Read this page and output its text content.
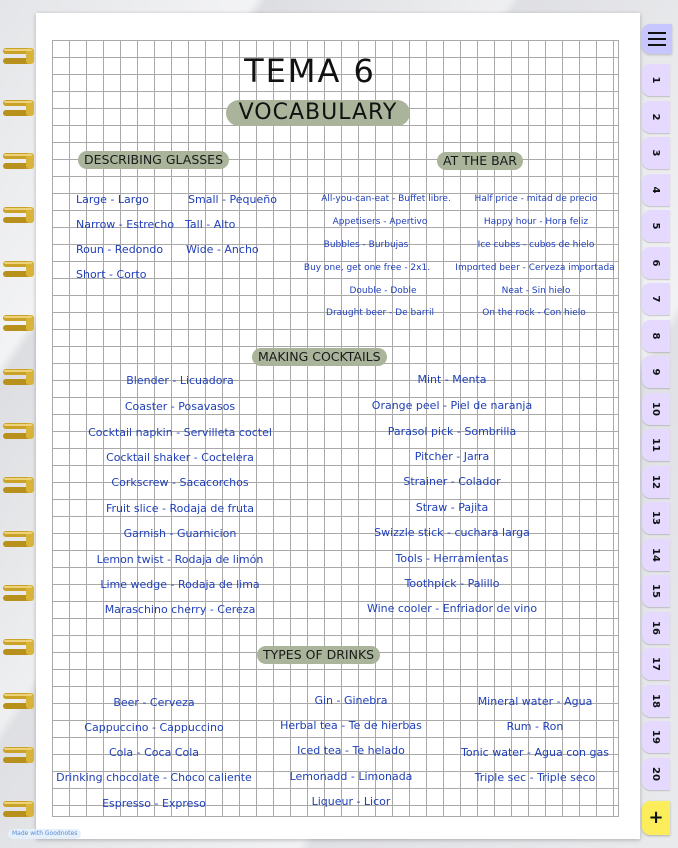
TEMA 6
VOCABULARY
DESCRIBING GLASSES	AT THE BAR
MAKING COCKTAILS
TYPES OF DRINKS
Large - Largo
Narrow - Estrecho
Roun - Redondo
Short - Corto
Small - Pequeño
Tall - Alto
Wide - Ancho
All-you-can-eat - Buffet libre.
Appetisers - Apertivo
Bubbles - Burbujas
Buy one, get one free - 2x1.
Double - Doble
Draught beer - De barril
Half price - mitad de precio
Happy hour - Hora feliz
Ice cubes - cubos de hielo
Imported beer - Cerveza importada
Neat - Sin hielo
On the rock - Con hielo
Blender - Licuadora
Coaster - Posavasos
Cocktail napkin - Servilleta coctel
Cocktail shaker - Coctelera
Corkscrew - Sacacorchos
Fruit slice - Rodaja de fruta
Garnish - Guarnicion
Lemon twist - Rodaja de limón
Lime wedge - Rodaja de lima
Maraschino cherry - Cereza
Mint - Menta
Orange peel - Piel de naranja
Parasol pick - Sombrilla
Pitcher - Jarra
Strainer - Colador
Straw - Pajita
Swizzle stick - cuchara larga
Tools - Herramientas
Toothpick - Palillo
Wine cooler - Enfriador de vino
Beer - Cerveza
Cappuccino - Cappuccino
Cola - Coca Cola
Drinking chocolate - Choco caliente
Espresso - Expreso
Gin - Ginebra
Herbal tea - Te de hierbas
Iced tea - Te helado
Lemonadd - Limonada
Liqueur - Licor
Mineral water - Agua
Rum - Ron
Tonic water - Agua con gas
Triple sec - Triple seco
1
2
3
4
5
6
7
8
9
10
11
12
13
14
15
16
17
18
19
20
+
Made with Goodnotes
